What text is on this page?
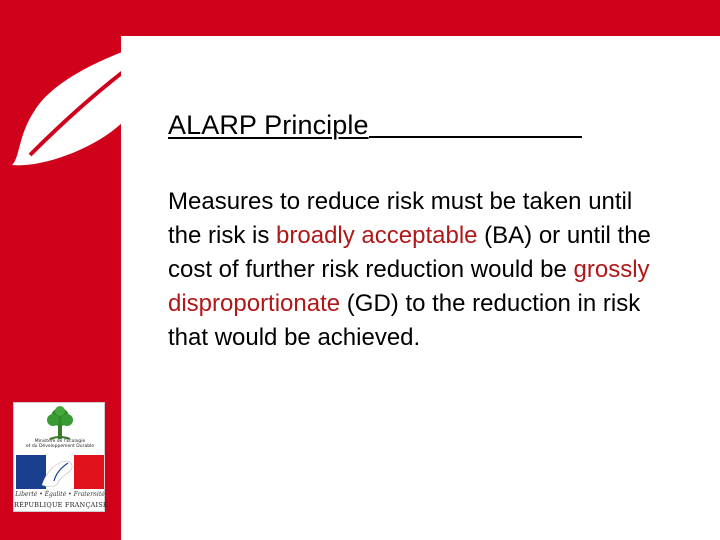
ALARP Principle

Measures to reduce risk must be taken until the risk is broadly acceptable (BA) or until the cost of further risk reduction would be grossly disproportionate (GD) to the reduction in risk that would be achieved.

Ministère de l'Écologie
et du Développement Durable
Liberté • Égalité • Fraternité
RÉPUBLIQUE FRANÇAISE
